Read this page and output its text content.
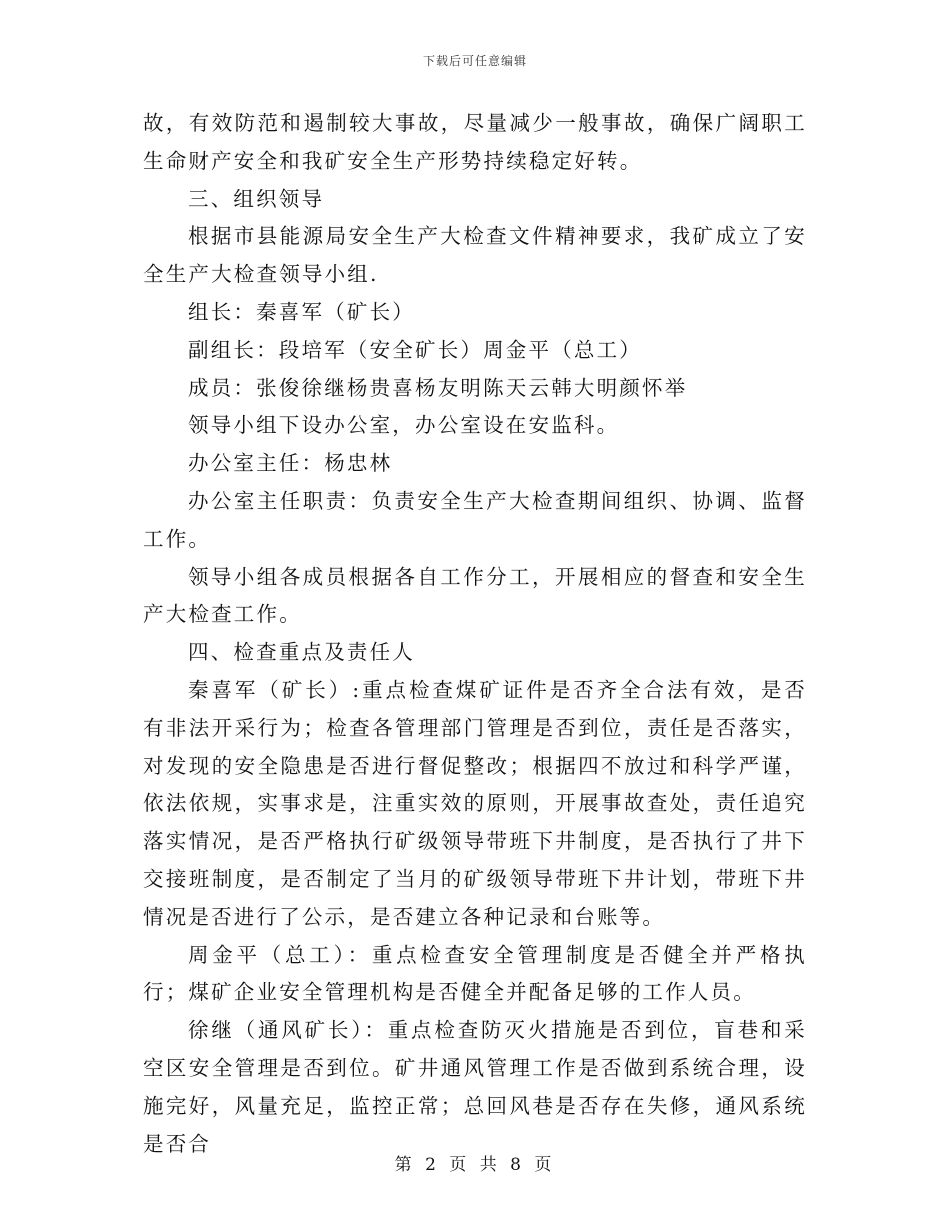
下载后可任意编辑

故，有效防范和遏制较大事故，尽量减少一般事故，确保广阔职工生命财产安全和我矿安全生产形势持续稳定好转。

三、组织领导

根据市县能源局安全生产大检查文件精神要求，我矿成立了安全生产大检查领导小组.

组长：秦喜军（矿长）

副组长：段培军（安全矿长）周金平（总工）

成员：张俊徐继杨贵喜杨友明陈天云韩大明颜怀举

领导小组下设办公室，办公室设在安监科。

办公室主任：杨忠林

办公室主任职责：负责安全生产大检查期间组织、协调、监督工作。

领导小组各成员根据各自工作分工，开展相应的督查和安全生产大检查工作。

四、检查重点及责任人

秦喜军（矿长）:重点检查煤矿证件是否齐全合法有效，是否有非法开采行为；检查各管理部门管理是否到位，责任是否落实，对发现的安全隐患是否进行督促整改；根据四不放过和科学严谨，依法依规，实事求是，注重实效的原则，开展事故查处，责任追究落实情况，是否严格执行矿级领导带班下井制度，是否执行了井下交接班制度，是否制定了当月的矿级领导带班下井计划，带班下井情况是否进行了公示，是否建立各种记录和台账等。

周金平（总工）：重点检查安全管理制度是否健全并严格执行；煤矿企业安全管理机构是否健全并配备足够的工作人员。

徐继（通风矿长）：重点检查防灭火措施是否到位，盲巷和采空区安全管理是否到位。矿井通风管理工作是否做到系统合理，设施完好，风量充足，监控正常；总回风巷是否存在失修，通风系统是否合

第 2 页 共 8 页
